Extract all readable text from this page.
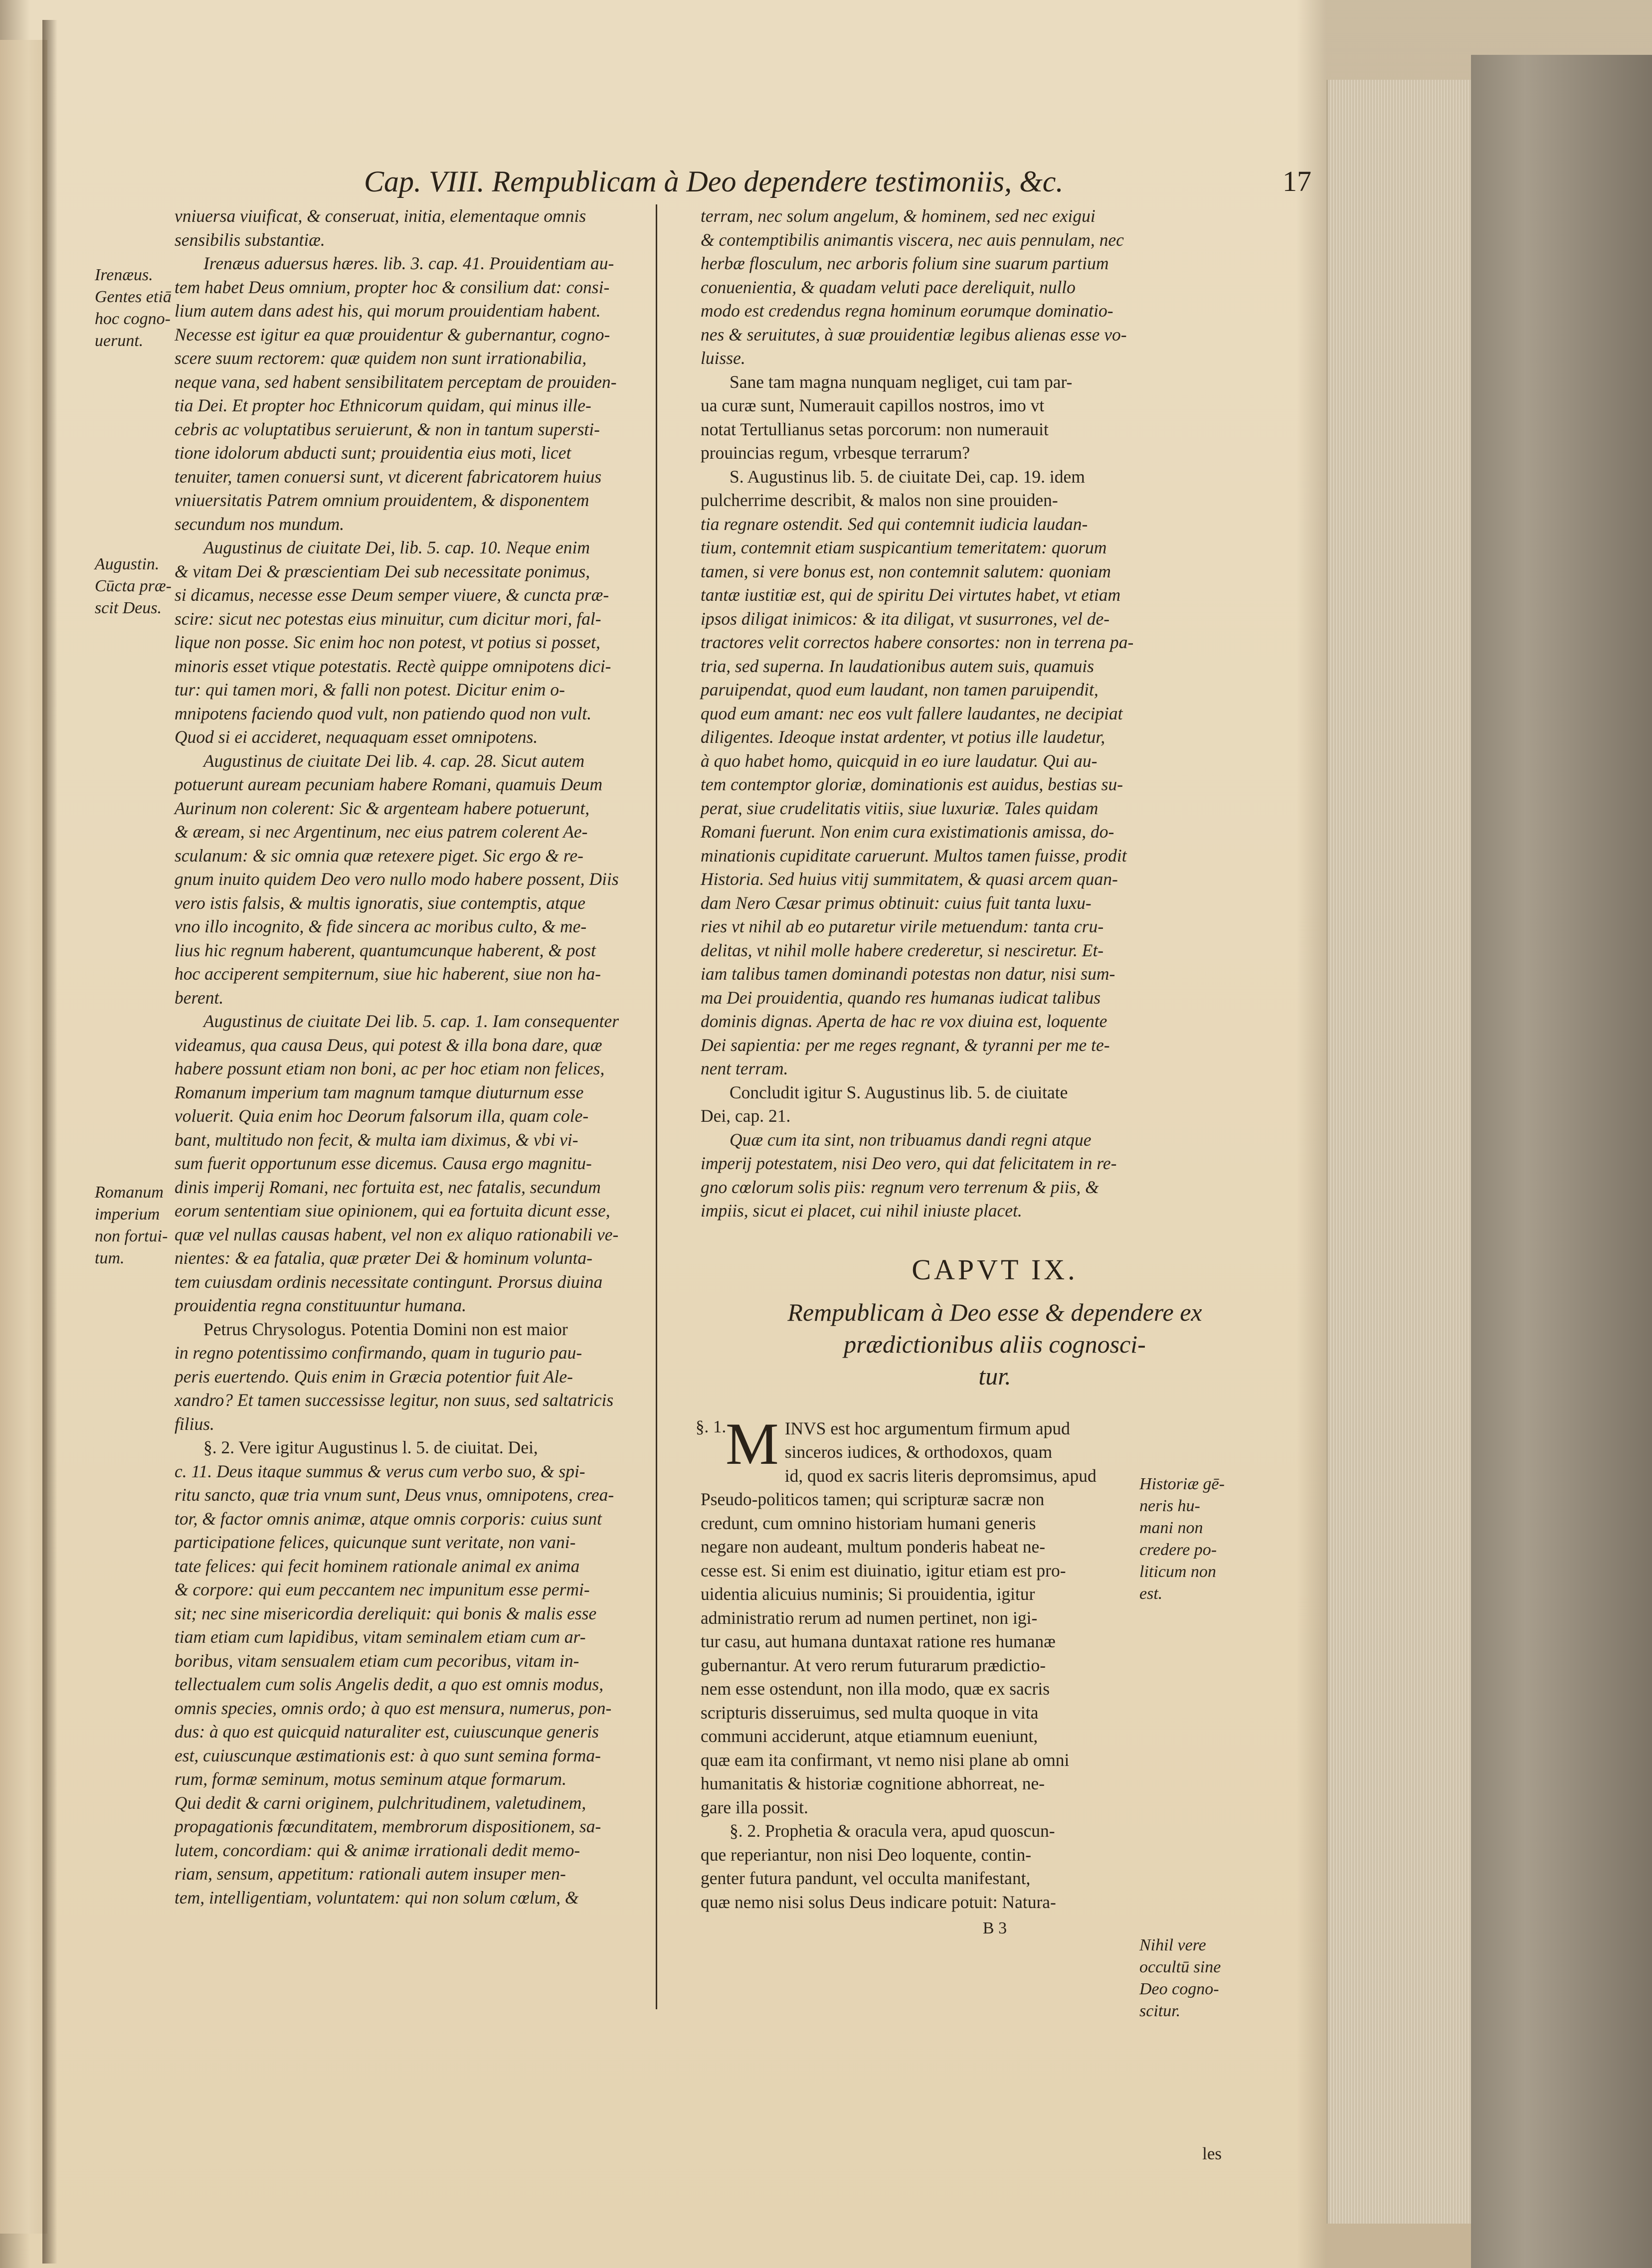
Cap. VIII. Rempublicam à Deo dependere testimoniis, &c.	17
Irenæus.
Gentes etiā
hoc cogno-
uerunt.
Augustin.
Cūcta præ-
scit Deus.
Romanum
imperium
non fortui-
tum.

vniuersa viuificat, & conseruat, initia, elementaque omnis

sensibilis substantiæ.

Irenæus aduersus hæres. lib. 3. cap. 41. Prouidentiam au-

tem habet Deus omnium, propter hoc & consilium dat: consi-

lium autem dans adest his, qui morum prouidentiam habent.

Necesse est igitur ea quæ prouidentur & gubernantur, cogno-

scere suum rectorem: quæ quidem non sunt irrationabilia,

neque vana, sed habent sensibilitatem perceptam de prouiden-

tia Dei. Et propter hoc Ethnicorum quidam, qui minus ille-

cebris ac voluptatibus seruierunt, & non in tantum supersti-

tione idolorum abducti sunt; prouidentia eius moti, licet

tenuiter, tamen conuersi sunt, vt dicerent fabricatorem huius

vniuersitatis Patrem omnium prouidentem, & disponentem

secundum nos mundum.

Augustinus de ciuitate Dei, lib. 5. cap. 10. Neque enim

& vitam Dei & præscientiam Dei sub necessitate ponimus,

si dicamus, necesse esse Deum semper viuere, & cuncta præ-

scire: sicut nec potestas eius minuitur, cum dicitur mori, fal-

lique non posse. Sic enim hoc non potest, vt potius si posset,

minoris esset vtique potestatis. Rectè quippe omnipotens dici-

tur: qui tamen mori, & falli non potest. Dicitur enim o-

mnipotens faciendo quod vult, non patiendo quod non vult.

Quod si ei accideret, nequaquam esset omnipotens.

Augustinus de ciuitate Dei lib. 4. cap. 28. Sicut autem

potuerunt auream pecuniam habere Romani, quamuis Deum

Aurinum non colerent: Sic & argenteam habere potuerunt,

& æream, si nec Argentinum, nec eius patrem colerent Ae-

sculanum: & sic omnia quæ retexere piget. Sic ergo & re-

gnum inuito quidem Deo vero nullo modo habere possent, Diis

vero istis falsis, & multis ignoratis, siue contemptis, atque

vno illo incognito, & fide sincera ac moribus culto, & me-

lius hic regnum haberent, quantumcunque haberent, & post

hoc acciperent sempiternum, siue hic haberent, siue non ha-

berent.

Augustinus de ciuitate Dei lib. 5. cap. 1. Iam consequenter

videamus, qua causa Deus, qui potest & illa bona dare, quæ

habere possunt etiam non boni, ac per hoc etiam non felices,

Romanum imperium tam magnum tamque diuturnum esse

voluerit. Quia enim hoc Deorum falsorum illa, quam cole-

bant, multitudo non fecit, & multa iam diximus, & vbi vi-

sum fuerit opportunum esse dicemus. Causa ergo magnitu-

dinis imperij Romani, nec fortuita est, nec fatalis, secundum

eorum sententiam siue opinionem, qui ea fortuita dicunt esse,

quæ vel nullas causas habent, vel non ex aliquo rationabili ve-

nientes: & ea fatalia, quæ præter Dei & hominum volunta-

tem cuiusdam ordinis necessitate contingunt. Prorsus diuina

prouidentia regna constituuntur humana.

Petrus Chrysologus. Potentia Domini non est maior

in regno potentissimo confirmando, quam in tugurio pau-

peris euertendo. Quis enim in Græcia potentior fuit Ale-

xandro? Et tamen successisse legitur, non suus, sed saltatricis

filius.

§. 2. Vere igitur Augustinus l. 5. de ciuitat. Dei,

c. 11. Deus itaque summus & verus cum verbo suo, & spi-

ritu sancto, quæ tria vnum sunt, Deus vnus, omnipotens, crea-

tor, & factor omnis animæ, atque omnis corporis: cuius sunt

participatione felices, quicunque sunt veritate, non vani-

tate felices: qui fecit hominem rationale animal ex anima

& corpore: qui eum peccantem nec impunitum esse permi-

sit; nec sine misericordia dereliquit: qui bonis & malis esse

tiam etiam cum lapidibus, vitam seminalem etiam cum ar-

boribus, vitam sensualem etiam cum pecoribus, vitam in-

tellectualem cum solis Angelis dedit, a quo est omnis modus,

omnis species, omnis ordo; à quo est mensura, numerus, pon-

dus: à quo est quicquid naturaliter est, cuiuscunque generis

est, cuiuscunque æstimationis est: à quo sunt semina forma-

rum, formæ seminum, motus seminum atque formarum.

Qui dedit & carni originem, pulchritudinem, valetudinem,

propagationis fœcunditatem, membrorum dispositionem, sa-

lutem, concordiam: qui & animæ irrationali dedit memo-

riam, sensum, appetitum: rationali autem insuper men-

tem, intelligentiam, voluntatem: qui non solum cœlum, &

terram, nec solum angelum, & hominem, sed nec exigui

& contemptibilis animantis viscera, nec auis pennulam, nec

herbæ flosculum, nec arboris folium sine suarum partium

conuenientia, & quadam veluti pace dereliquit, nullo

modo est credendus regna hominum eorumque dominatio-

nes & seruitutes, à suæ prouidentiæ legibus alienas esse vo-

luisse.

Sane tam magna nunquam negliget, cui tam par-

ua curæ sunt, Numerauit capillos nostros, imo vt

notat Tertullianus setas porcorum: non numerauit

prouincias regum, vrbesque terrarum?

S. Augustinus lib. 5. de ciuitate Dei, cap. 19. idem

pulcherrime describit, & malos non sine prouiden-

tia regnare ostendit. Sed qui contemnit iudicia laudan-

tium, contemnit etiam suspicantium temeritatem: quorum

tamen, si vere bonus est, non contemnit salutem: quoniam

tantæ iustitiæ est, qui de spiritu Dei virtutes habet, vt etiam

ipsos diligat inimicos: & ita diligat, vt susurrones, vel de-

tractores velit correctos habere consortes: non in terrena pa-

tria, sed superna. In laudationibus autem suis, quamuis

paruipendat, quod eum laudant, non tamen paruipendit,

quod eum amant: nec eos vult fallere laudantes, ne decipiat

diligentes. Ideoque instat ardenter, vt potius ille laudetur,

à quo habet homo, quicquid in eo iure laudatur. Qui au-

tem contemptor gloriæ, dominationis est auidus, bestias su-

perat, siue crudelitatis vitiis, siue luxuriæ. Tales quidam

Romani fuerunt. Non enim cura existimationis amissa, do-

minationis cupiditate caruerunt. Multos tamen fuisse, prodit

Historia. Sed huius vitij summitatem, & quasi arcem quan-

dam Nero Cæsar primus obtinuit: cuius fuit tanta luxu-

ries vt nihil ab eo putaretur virile metuendum: tanta cru-

delitas, vt nihil molle habere crederetur, si nesciretur. Et-

iam talibus tamen dominandi potestas non datur, nisi sum-

ma Dei prouidentia, quando res humanas iudicat talibus

dominis dignas. Aperta de hac re vox diuina est, loquente

Dei sapientia: per me reges regnant, & tyranni per me te-

nent terram.

Concludit igitur S. Augustinus lib. 5. de ciuitate

Dei, cap. 21.

Quæ cum ita sint, non tribuamus dandi regni atque

imperij potestatem, nisi Deo vero, qui dat felicitatem in re-

gno cœlorum solis piis: regnum vero terrenum & piis, &

impiis, sicut ei placet, cui nihil iniuste placet.

CAPVT IX.
Rempublicam à Deo esse & dependere ex
prædictionibus aliis cognosci-
tur.
§. 1.
M INVS est hoc argumentum firmum apud

sinceros iudices, & orthodoxos, quam

id, quod ex sacris literis depromsimus, apud

Pseudo-politicos tamen; qui scripturæ sacræ non

credunt, cum omnino historiam humani generis

negare non audeant, multum ponderis habeat ne-

cesse est. Si enim est diuinatio, igitur etiam est pro-

uidentia alicuius numinis; Si prouidentia, igitur

administratio rerum ad numen pertinet, non igi-

tur casu, aut humana duntaxat ratione res humanæ

gubernantur. At vero rerum futurarum prædictio-

nem esse ostendunt, non illa modo, quæ ex sacris

scripturis disseruimus, sed multa quoque in vita

communi acciderunt, atque etiamnum eueniunt,

quæ eam ita confirmant, vt nemo nisi plane ab omni

humanitatis & historiæ cognitione abhorreat, ne-

gare illa possit.

§. 2. Prophetia & oracula vera, apud quoscun-

que reperiantur, non nisi Deo loquente, contin-

genter futura pandunt, vel occulta manifestant,

quæ nemo nisi solus Deus indicare potuit: Natura-

B 3
Historiæ gē-
neris hu-
mani non
credere po-
liticum non
est.
Nihil vere
occultū sine
Deo cogno-
scitur.
les
